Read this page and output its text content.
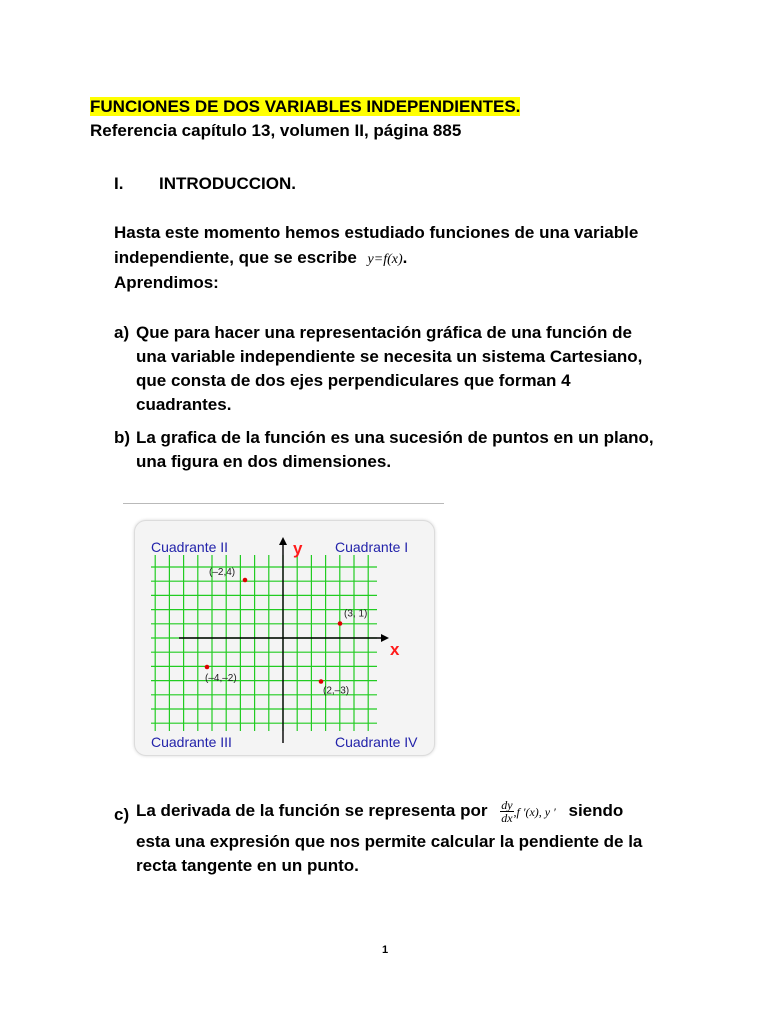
FUNCIONES DE DOS VARIABLES INDEPENDIENTES.
Referencia capítulo 13, volumen II, página 885
I. INTRODUCCION.
Hasta este momento hemos estudiado funciones de una variable
independiente, que se escribe y=f(x).
Aprendimos:
a) Que para hacer una representación gráfica de una función de
una variable independiente se necesita un sistema Cartesiano,
que consta de dos ejes perpendiculares que forman 4
cuadrantes.
b) La grafica de la función es una sucesión de puntos en un plano,
una figura en dos dimensiones.
Cuadrante II	Cuadrante I
Cuadrante III	Cuadrante IV
y
x
(–2,4)
(3, 1)
(–4,–2)
(2,–3)
c) La derivada de la función se representa por $\frac{dy}{dx} ,f$ ′(x), y ′ siendo
esta una expresión que nos permite calcular la pendiente de la
recta tangente en un punto.
1
